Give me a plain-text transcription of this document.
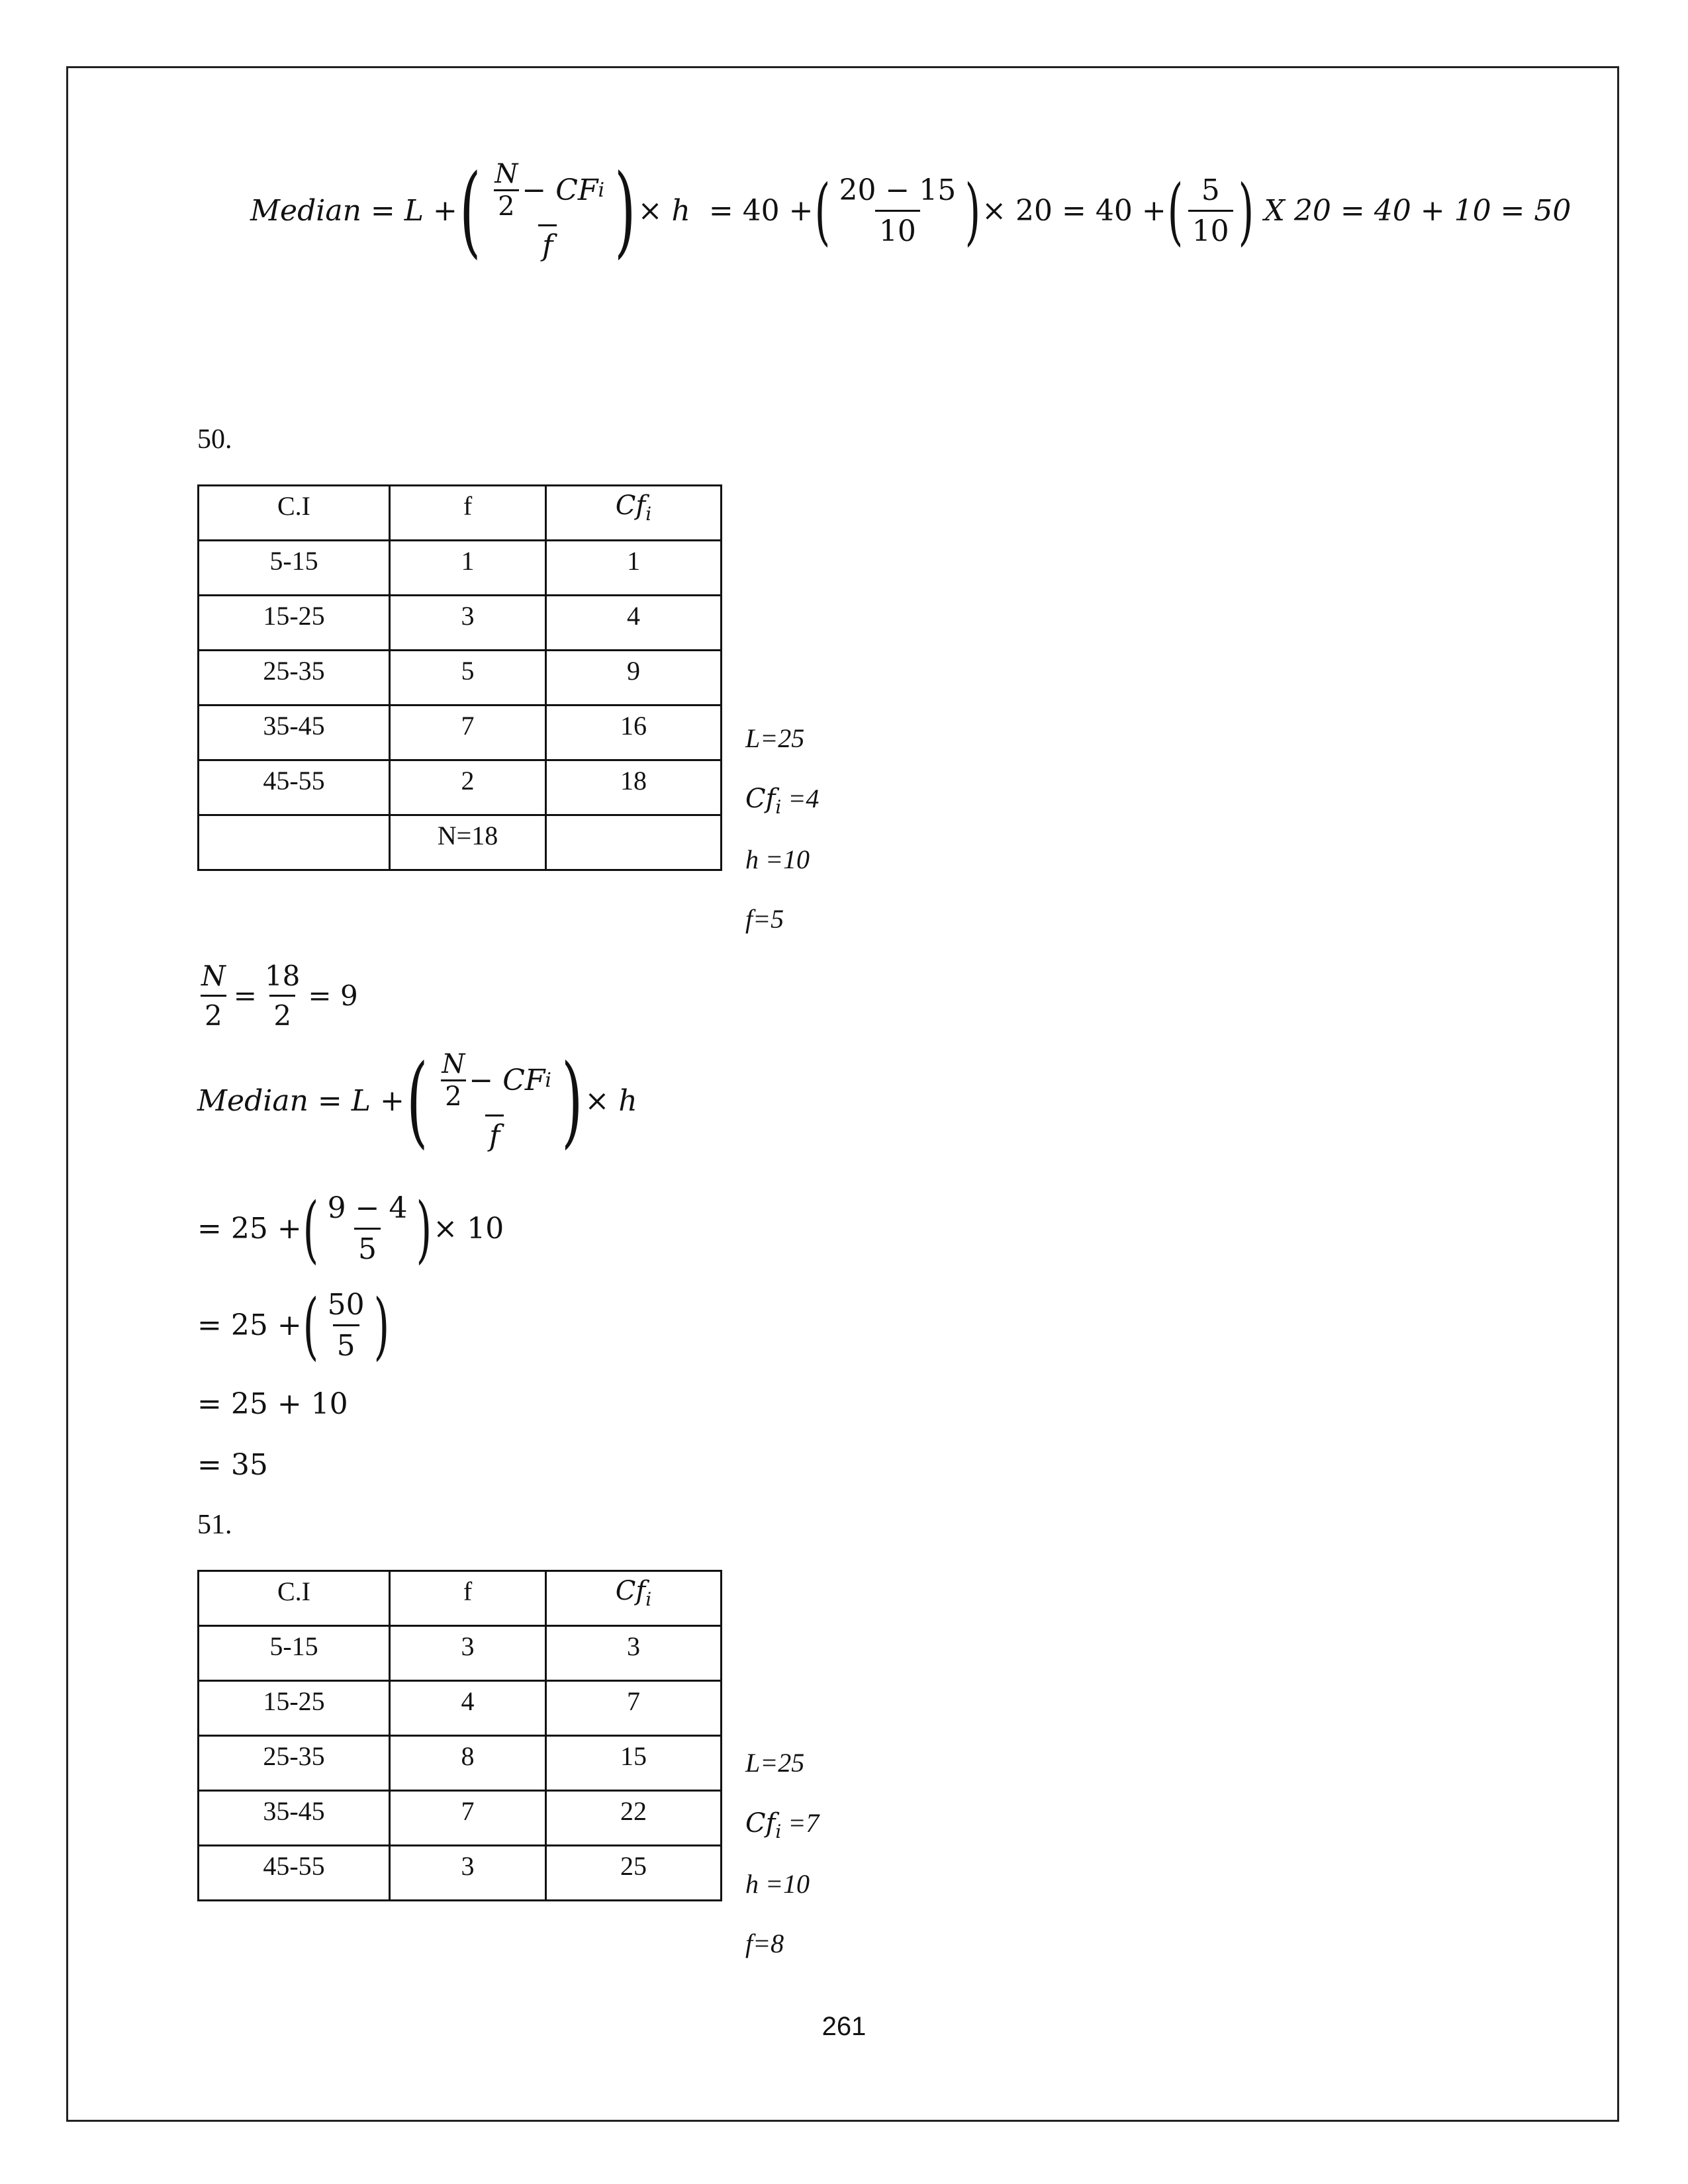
Median = L + ( $\frac{\frac{N}{2} - CF i}{f}$ ) × h = 40 + ( $\frac{20 - 15}{10}$ ) × 20 = 40 + ( $\frac{5}{10}$ ) X 20 = 40 + 10 = 50
50.
C.I	f	$Cf_i$
5-15	1	1
15-25	3	4
25-35	5	9
35-45	7	16
45-55	2	18
	N=18	
L=25
$Cf_i =4$
h =10
f=5
$\frac{N}{2} = \frac{18}{2} = 9$
Median = L + ( $\frac{\frac{N}{2} - CF i}{f}$ ) × h
= 25 + ( $\frac{9 - 4}{5}$ ) × 10
= 25 + ( $\frac{50}{5}$ )
= 25 + 10
= 35
51.
C.I	f	$Cf_i$
5-15	3	3
15-25	4	7
25-35	8	15
35-45	7	22
45-55	3	25
L=25
$Cf_i =7$
h =10
f=8
261
